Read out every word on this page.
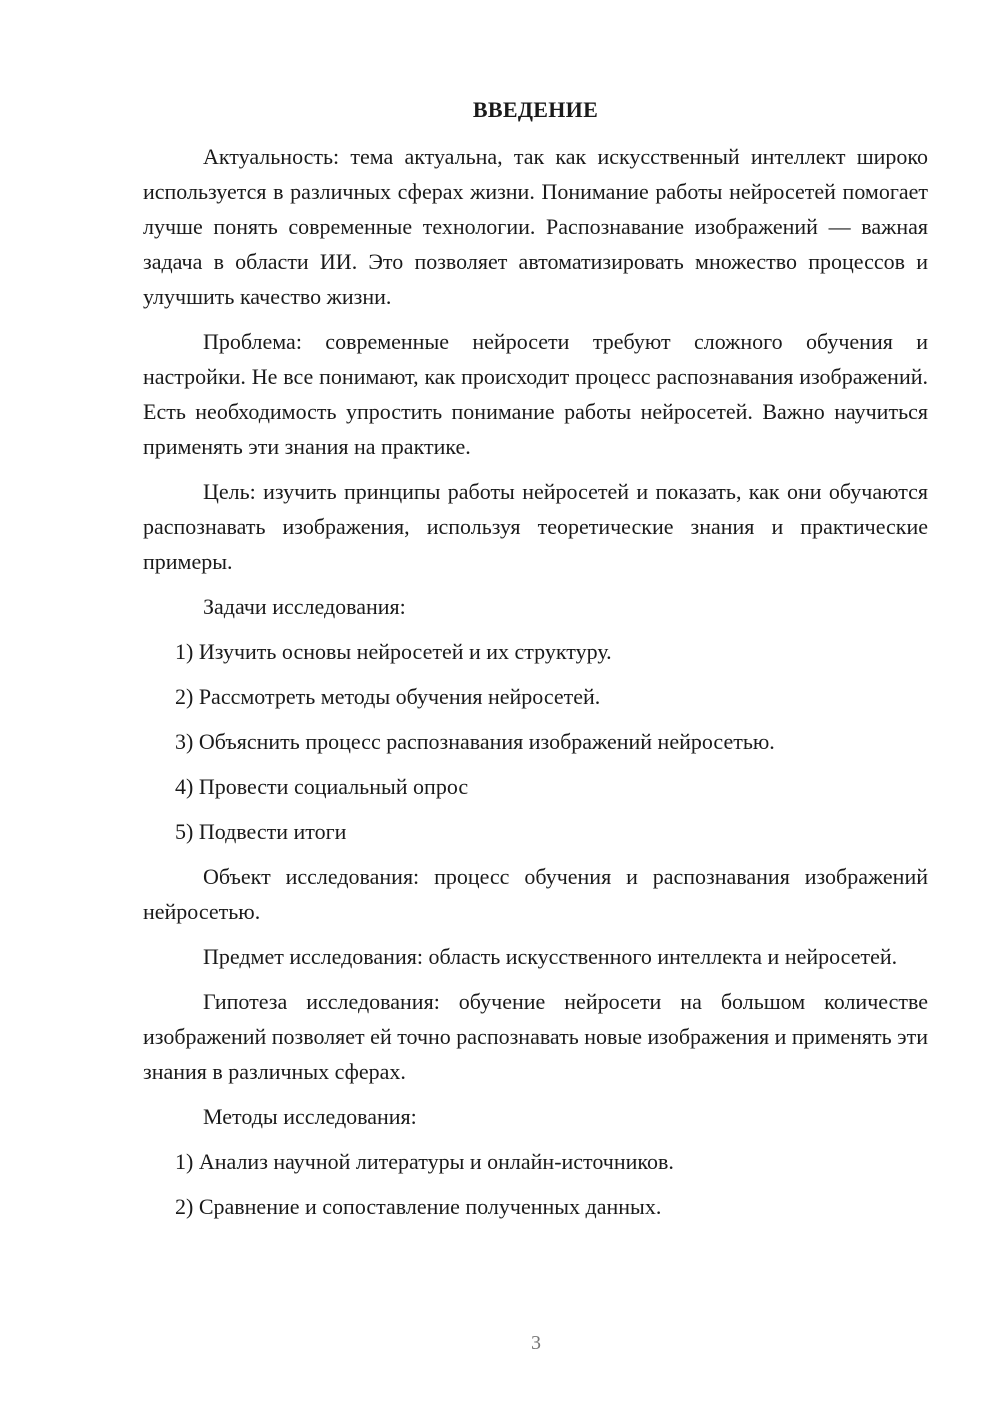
ВВЕДЕНИЕ

Актуальность: тема актуальна, так как искусственный интеллект широко используется в различных сферах жизни. Понимание работы нейросетей помогает лучше понять современные технологии. Распознавание изображений — важная задача в области ИИ. Это позволяет автоматизировать множество процессов и улучшить качество жизни.

Проблема: современные нейросети требуют сложного обучения и настройки. Не все понимают, как происходит процесс распознавания изображений. Есть необходимость упростить понимание работы нейросетей. Важно научиться применять эти знания на практике.

Цель: изучить принципы работы нейросетей и показать, как они обучаются распознавать изображения, используя теоретические знания и практические примеры.

Задачи исследования:

1) Изучить основы нейросетей и их структуру.

2) Рассмотреть методы обучения нейросетей.

3) Объяснить процесс распознавания изображений нейросетью.

4) Провести социальный опрос

5) Подвести итоги

Объект исследования: процесс обучения и распознавания изображений нейросетью.

Предмет исследования: область искусственного интеллекта и нейросетей.

Гипотеза исследования: обучение нейросети на большом количестве изображений позволяет ей точно распознавать новые изображения и применять эти знания в различных сферах.

Методы исследования:

1) Анализ научной литературы и онлайн-источников.

2) Сравнение и сопоставление полученных данных.

3
